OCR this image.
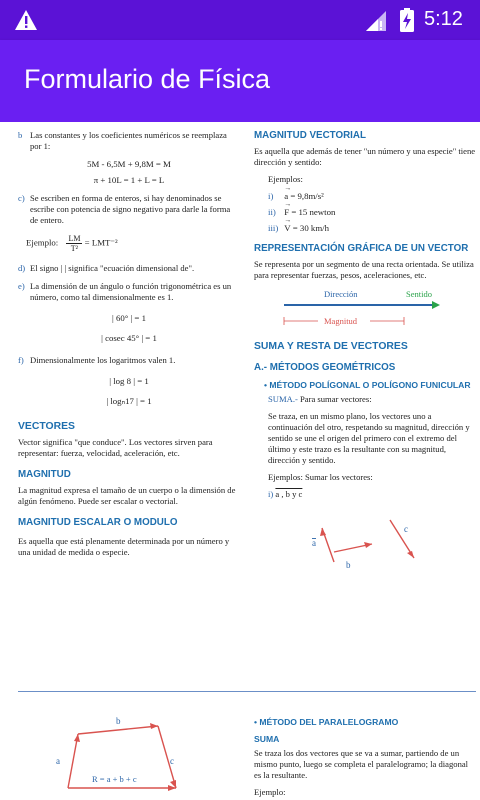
5:12
Formulario de Física
b Las constantes y los coeficientes numéricos se reemplaza por 1:
5M - 6,5M + 9,8M = M
π + 10L = 1 + L = L
c) Se escriben en forma de enteros, si hay denominados se escribe con potencia de signo negativo para darle la forma de entero.
Ejemplo: $\frac{LM}{\text{T²}} = LMT^{-2}$
d) El signo | | significa "ecuación dimensional de".
e) La dimensión de un ángulo o función trigonométrica es un número, como tal dimensionalmente es 1.
| 60° | = 1
| cosec 45° | = 1
f) Dimensionalmente los logaritmos valen 1.
| log 8 | = 1
| logₙ17 | = 1
VECTORES
Vector significa "que conduce". Los vectores sirven para representar: fuerza, velocidad, aceleración, etc.
MAGNITUD
La magnitud expresa el tamaño de un cuerpo o la dimensión de algún fenómeno. Puede ser escalar o vectorial.
MAGNITUD ESCALAR O MODULO
Es aquella que está plenamente determinada por un número y una unidad de medida o especie.
MAGNITUD VECTORIAL
Es aquella que además de tener "un número y una especie" tiene dirección y sentido:
Ejemplos:
i) → a = 9,8m/s²
ii) → F = 15 newton
iii) → V = 30 km/h
REPRESENTACIÓN GRÁFICA DE UN VECTOR
Se representa por un segmento de una recta orientada. Se utiliza para representar fuerzas, pesos, aceleraciones, etc.
Dirección	Sentido
Magnitud
SUMA Y RESTA DE VECTORES
A.- MÉTODOS GEOMÉTRICOS
• MÉTODO POLÍGONAL O POLÍGONO FUNICULAR
SUMA.- Para sumar vectores:
Se traza, en un mismo plano, los vectores uno a continuación del otro, respetando su magnitud, dirección y sentido se une el origen del primero con el extremo del último y este trazo es la resultante con su magnitud, dirección y sentido.
Ejemplos: Sumar los vectores:
i) a , b y c
a
b
c
a
b
c
R = a + b + c
• MÉTODO DEL PARALELOGRAMO
SUMA
Se traza los dos vectores que se va a sumar, partiendo de un mismo punto, luego se completa el paralelogramo; la diagonal es la resultante.
Ejemplo:
